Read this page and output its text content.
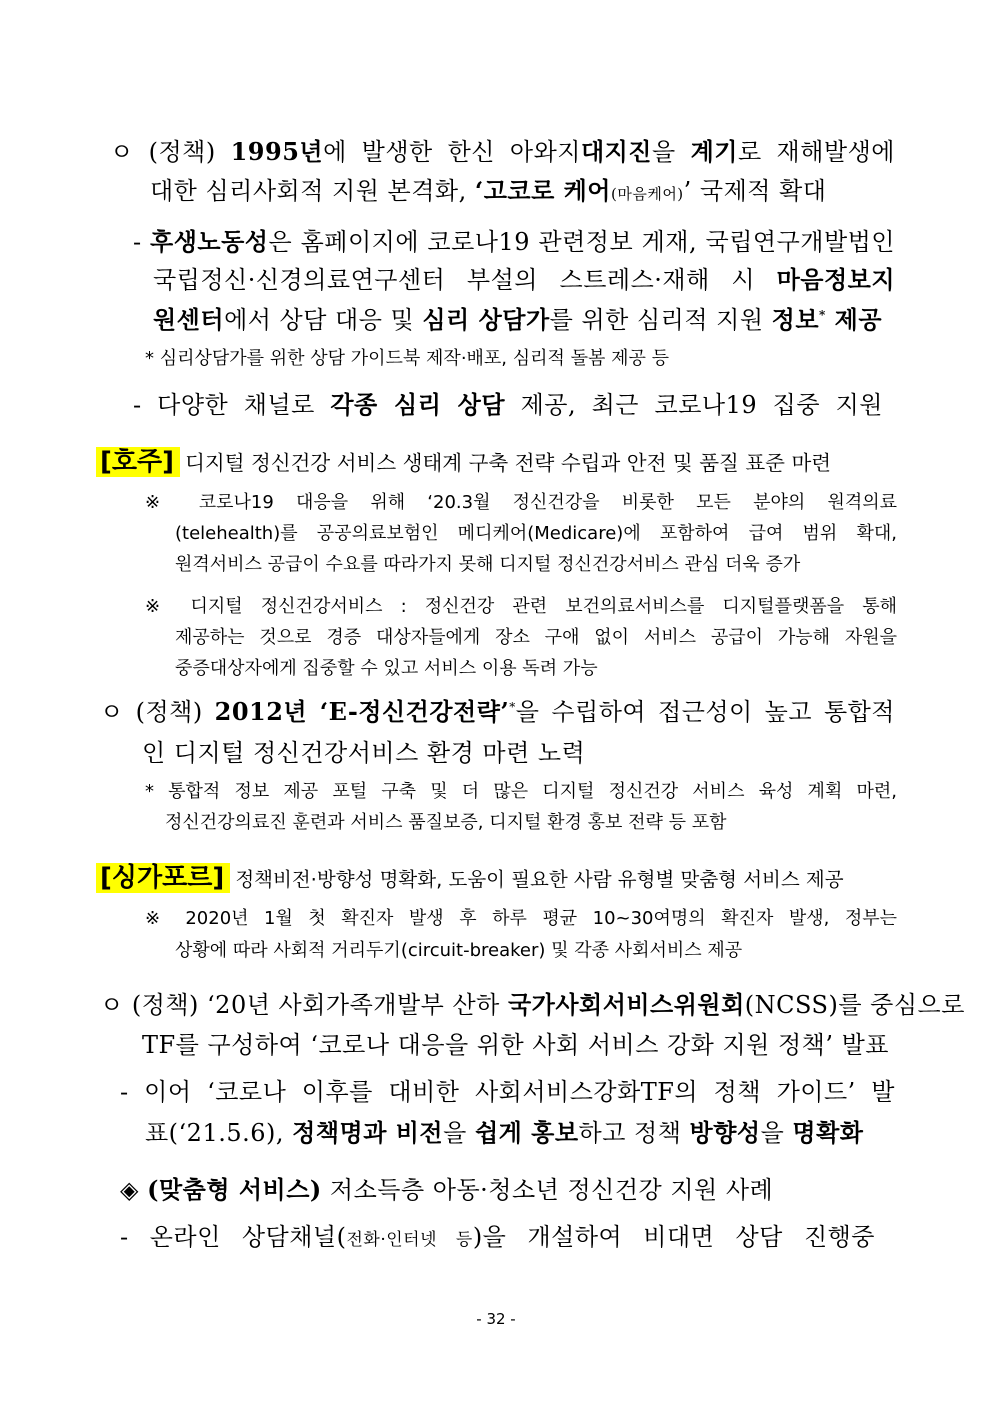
ㅇ (정책) 1995년에 발생한 한신 아와지대지진을 계기로 재해발생에
대한 심리사회적 지원 본격화, ‘고코로 케어(마음케어)’ 국제적 확대
- 후생노동성은 홈페이지에 코로나19 관련정보 게재, 국립연구개발법인
국립정신·신경의료연구센터 부설의 스트레스·재해 시 마음정보지
원센터에서 상담 대응 및 심리 상담가를 위한 심리적 지원 정보* 제공
* 심리상담가를 위한 상담 가이드북 제작·배포, 심리적 돌봄 제공 등
- 다양한 채널로 각종 심리 상담 제공, 최근 코로나19 집중 지원
[호주] 디지털 정신건강 서비스 생태계 구축 전략 수립과 안전 및 품질 표준 마련
※ 코로나19 대응을 위해 ‘20.3월 정신건강을 비롯한 모든 분야의 원격의료
(telehealth)를 공공의료보험인 메디케어(Medicare)에 포함하여 급여 범위 확대,
원격서비스 공급이 수요를 따라가지 못해 디지털 정신건강서비스 관심 더욱 증가
※ 디지털 정신건강서비스 : 정신건강 관련 보건의료서비스를 디지털플랫폼을 통해
제공하는 것으로 경증 대상자들에게 장소 구애 없이 서비스 공급이 가능해 자원을
중증대상자에게 집중할 수 있고 서비스 이용 독려 가능
ㅇ (정책) 2012년 ‘E-정신건강전략’*을 수립하여 접근성이 높고 통합적
인 디지털 정신건강서비스 환경 마련 노력
* 통합적 정보 제공 포털 구축 및 더 많은 디지털 정신건강 서비스 육성 계획 마련,
정신건강의료진 훈련과 서비스 품질보증, 디지털 환경 홍보 전략 등 포함
[싱가포르] 정책비전·방향성 명확화, 도움이 필요한 사람 유형별 맞춤형 서비스 제공
※ 2020년 1월 첫 확진자 발생 후 하루 평균 10~30여명의 확진자 발생, 정부는
상황에 따라 사회적 거리두기(circuit-breaker) 및 각종 사회서비스 제공
ㅇ (정책) ‘20년 사회가족개발부 산하 국가사회서비스위원회(NCSS)를 중심으로
TF를 구성하여 ‘코로나 대응을 위한 사회 서비스 강화 지원 정책’ 발표
- 이어 ‘코로나 이후를 대비한 사회서비스강화TF의 정책 가이드’ 발
표(‘21.5.6), 정책명과 비전을 쉽게 홍보하고 정책 방향성을 명확화
◈ (맞춤형 서비스) 저소득층 아동·청소년 정신건강 지원 사례
- 온라인 상담채널(전화·인터넷 등)을 개설하여 비대면 상담 진행중
- 32 -
